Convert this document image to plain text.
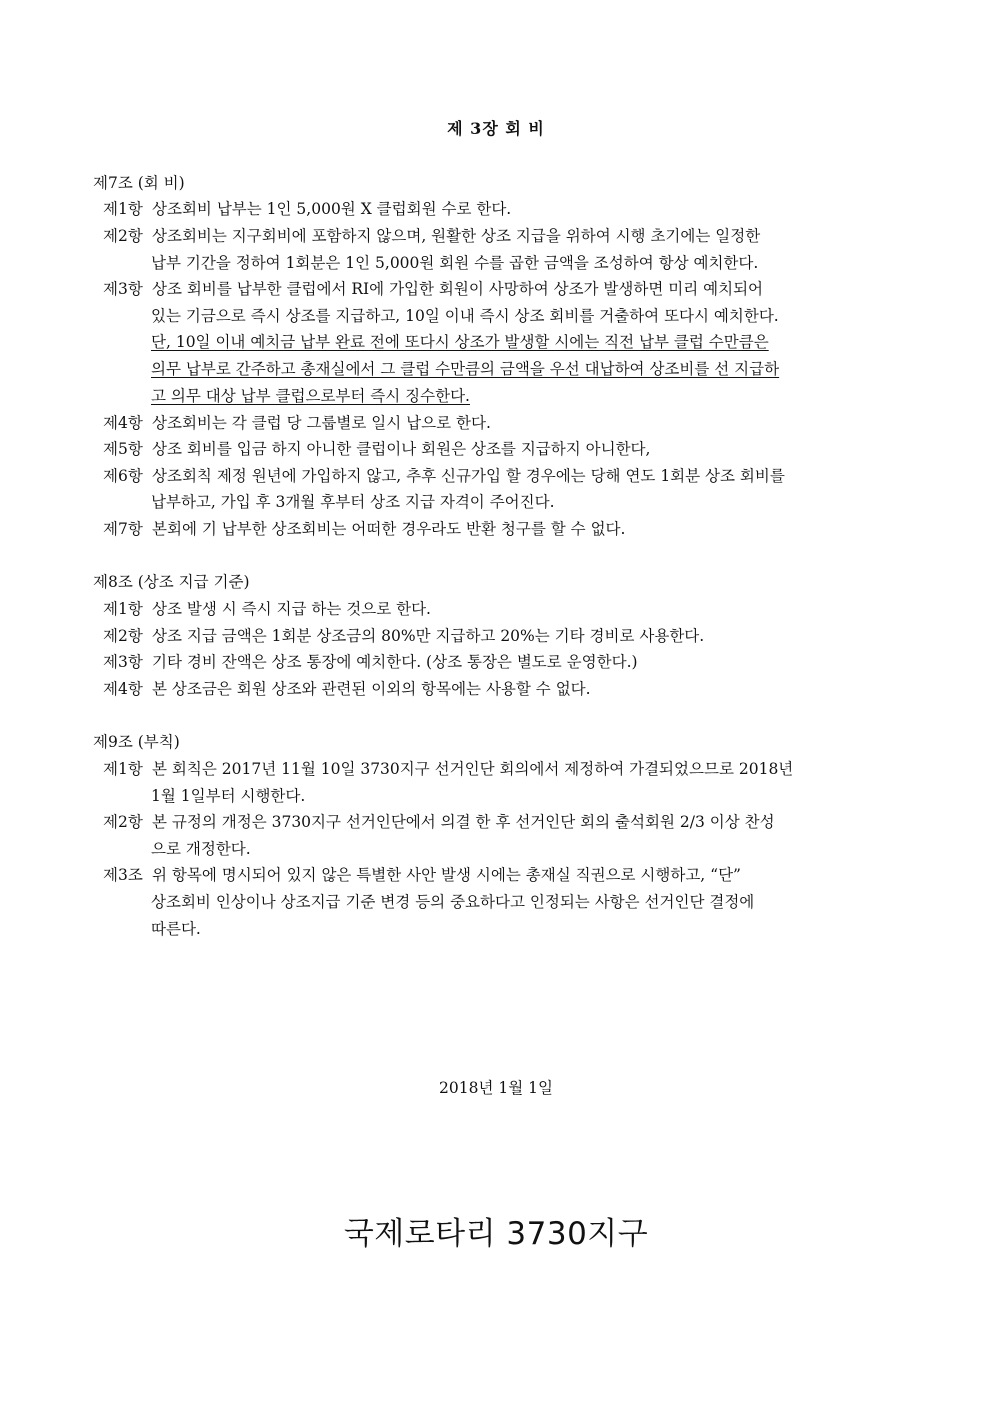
제 3장 회 비
제7조 (회 비)
제1항 상조회비 납부는 1인 5,000원 X 클럽회원 수로 한다.
제2항 상조회비는 지구회비에 포함하지 않으며, 원활한 상조 지급을 위하여 시행 초기에는 일정한
납부 기간을 정하여 1회분은 1인 5,000원 회원 수를 곱한 금액을 조성하여 항상 예치한다.
제3항 상조 회비를 납부한 클럽에서 RI에 가입한 회원이 사망하여 상조가 발생하면 미리 예치되어
있는 기금으로 즉시 상조를 지급하고, 10일 이내 즉시 상조 회비를 거출하여 또다시 예치한다.
단, 10일 이내 예치금 납부 완료 전에 또다시 상조가 발생할 시에는 직전 납부 클럽 수만큼은
의무 납부로 간주하고 총재실에서 그 클럽 수만큼의 금액을 우선 대납하여 상조비를 선 지급하
고 의무 대상 납부 클럽으로부터 즉시 징수한다.
제4항 상조회비는 각 클럽 당 그룹별로 일시 납으로 한다.
제5항 상조 회비를 입금 하지 아니한 클럽이나 회원은 상조를 지급하지 아니한다,
제6항 상조회칙 제정 원년에 가입하지 않고, 추후 신규가입 할 경우에는 당해 연도 1회분 상조 회비를
납부하고, 가입 후 3개월 후부터 상조 지급 자격이 주어진다.
제7항 본회에 기 납부한 상조회비는 어떠한 경우라도 반환 청구를 할 수 없다.
제8조 (상조 지급 기준)
제1항 상조 발생 시 즉시 지급 하는 것으로 한다.
제2항 상조 지급 금액은 1회분 상조금의 80%만 지급하고 20%는 기타 경비로 사용한다.
제3항 기타 경비 잔액은 상조 통장에 예치한다. (상조 통장은 별도로 운영한다.)
제4항 본 상조금은 회원 상조와 관련된 이외의 항목에는 사용할 수 없다.
제9조 (부칙)
제1항 본 회칙은 2017년 11월 10일 3730지구 선거인단 회의에서 제정하여 가결되었으므로 2018년
1월 1일부터 시행한다.
제2항 본 규정의 개정은 3730지구 선거인단에서 의결 한 후 선거인단 회의 출석회원 2/3 이상 찬성
으로 개정한다.
제3조 위 항목에 명시되어 있지 않은 특별한 사안 발생 시에는 총재실 직권으로 시행하고, “단”
상조회비 인상이나 상조지급 기준 변경 등의 중요하다고 인정되는 사항은 선거인단 결정에
따른다.
2018년 1월 1일
국제로타리 3730지구
